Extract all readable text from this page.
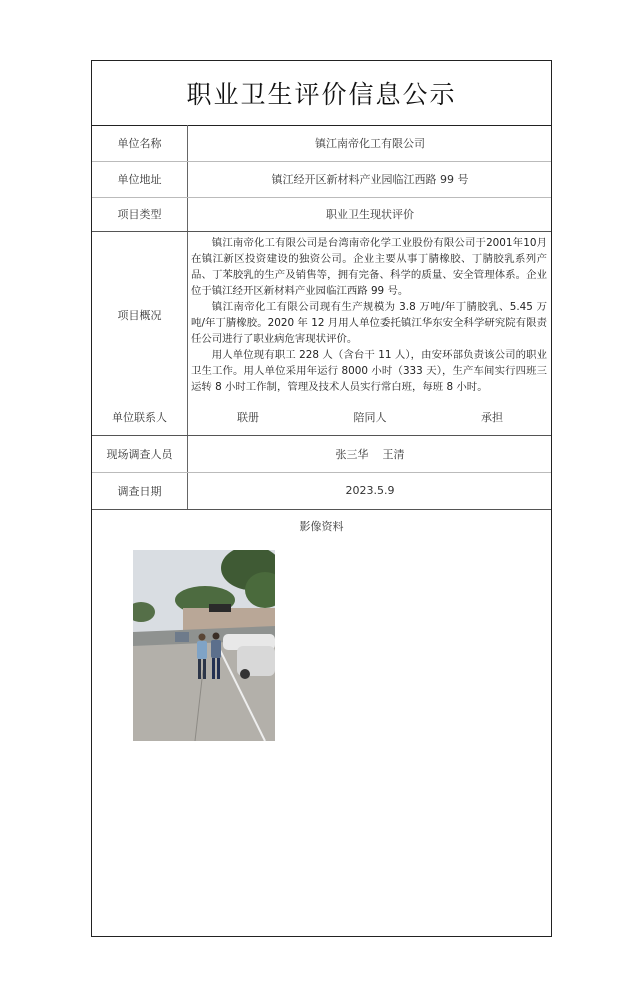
职业卫生评价信息公示
单位名称	镇江南帝化工有限公司
单位地址	镇江经开区新材料产业园临江西路 99 号
项目类型	职业卫生现状评价
项目概况

镇江南帝化工有限公司是台湾南帝化学工业股份有限公司于2001年10月在镇江新区投资建设的独资公司。企业主要从事丁腈橡胶、丁腈胶乳系列产品、丁苯胶乳的生产及销售等，拥有完备、科学的质量、安全管理体系。企业位于镇江经开区新材料产业园临江西路 99 号。

镇江南帝化工有限公司现有生产规模为 3.8 万吨/年丁腈胶乳、5.45 万吨/年丁腈橡胶。2020 年 12 月用人单位委托镇江华东安全科学研究院有限责任公司进行了职业病危害现状评价。

用人单位现有职工 228 人（含台干 11 人），由安环部负责该公司的职业卫生工作。用人单位采用年运行 8000 小时（333 天），生产车间实行四班三运转 8 小时工作制，管理及技术人员实行常白班，每班 8 小时。

单位联系人	联册	陪同人	承担
现场调查人员	张三华    王清
调查日期	2023.5.9
影像资料
